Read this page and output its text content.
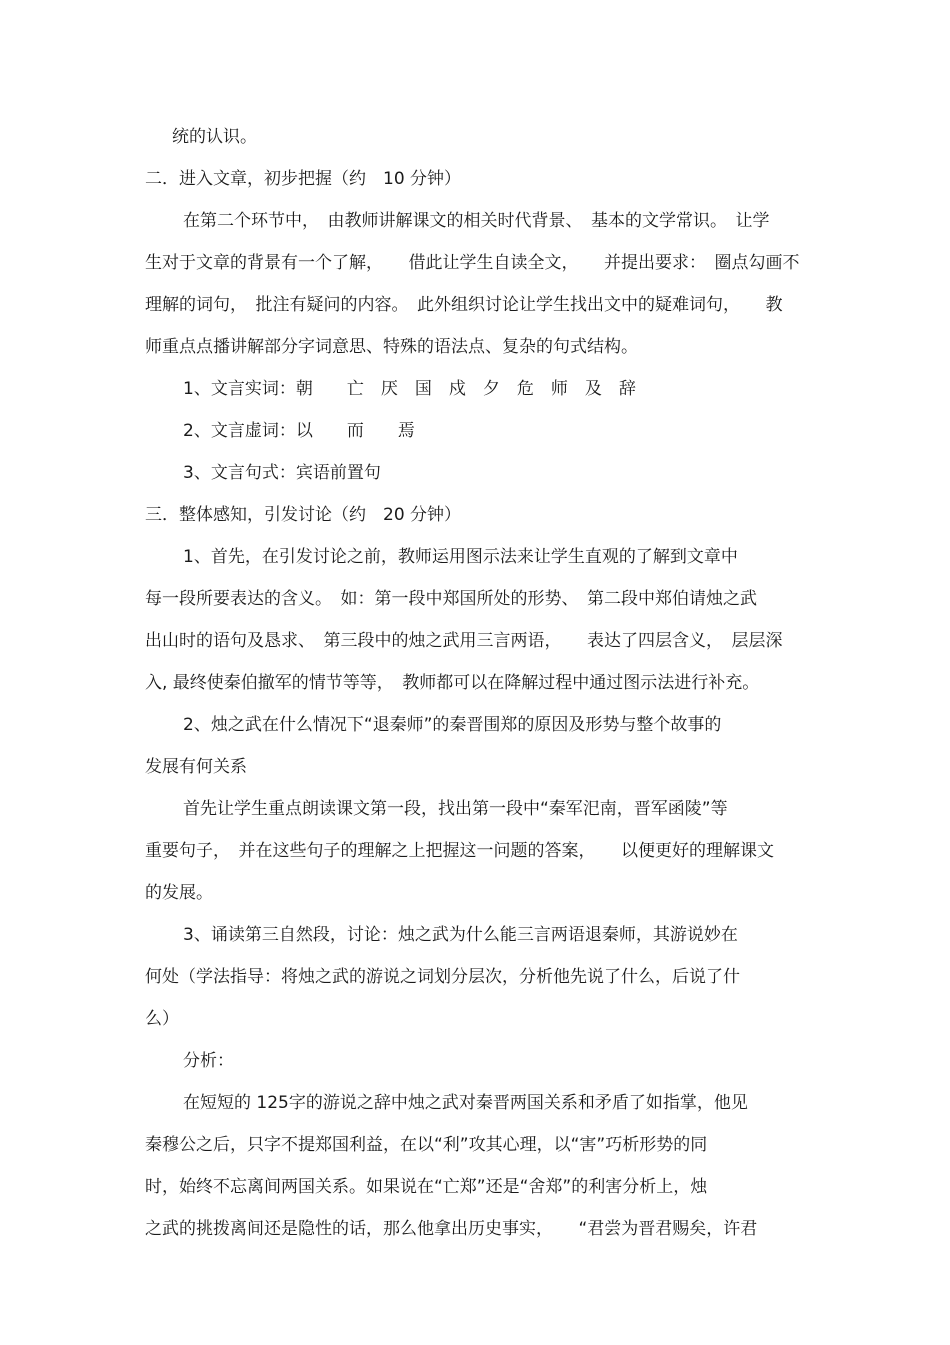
统的认识。
二．进入文章，初步把握（约　10 分钟）
在第二个环节中，　由教师讲解课文的相关时代背景、　基本的文学常识。　让学
生对于文章的背景有一个了解，　　借此让学生自读全文，　　并提出要求：　圈点勾画不
理解的词句，　批注有疑问的内容。　此外组织讨论让学生找出文中的疑难词句，　　教
师重点点播讲解部分字词意思、特殊的语法点、复杂的句式结构。
1、文言实词：朝　　亡　厌　国　戍　夕　危　师　及　辞
2、文言虚词：以　　而　　焉
3、文言句式：宾语前置句
三．整体感知，引发讨论（约　20 分钟）
1、首先，在引发讨论之前，教师运用图示法来让学生直观的了解到文章中
每一段所要表达的含义。　如：第一段中郑国所处的形势、　第二段中郑伯请烛之武
出山时的语句及恳求、　第三段中的烛之武用三言两语，　　表达了四层含义，　层层深
入, 最终使秦伯撤军的情节等等，　教师都可以在降解过程中通过图示法进行补充。
2、烛之武在什么情况下“退秦师”的秦晋围郑的原因及形势与整个故事的
发展有何关系
首先让学生重点朗读课文第一段，找出第一段中“秦军汜南，晋军函陵”等
重要句子，　并在这些句子的理解之上把握这一问题的答案，　　以便更好的理解课文
的发展。
3、诵读第三自然段，讨论：烛之武为什么能三言两语退秦师，其游说妙在
何处（学法指导：将烛之武的游说之词划分层次，分析他先说了什么，后说了什
么）
分析：
在短短的 125字的游说之辞中烛之武对秦晋两国关系和矛盾了如指掌，他见
秦穆公之后，只字不提郑国利益，在以“利”攻其心理，以“害”巧析形势的同
时，始终不忘离间两国关系。如果说在“亡郑”还是“舍郑”的利害分析上，烛
之武的挑拨离间还是隐性的话，那么他拿出历史事实，　　“君尝为晋君赐矣，许君
